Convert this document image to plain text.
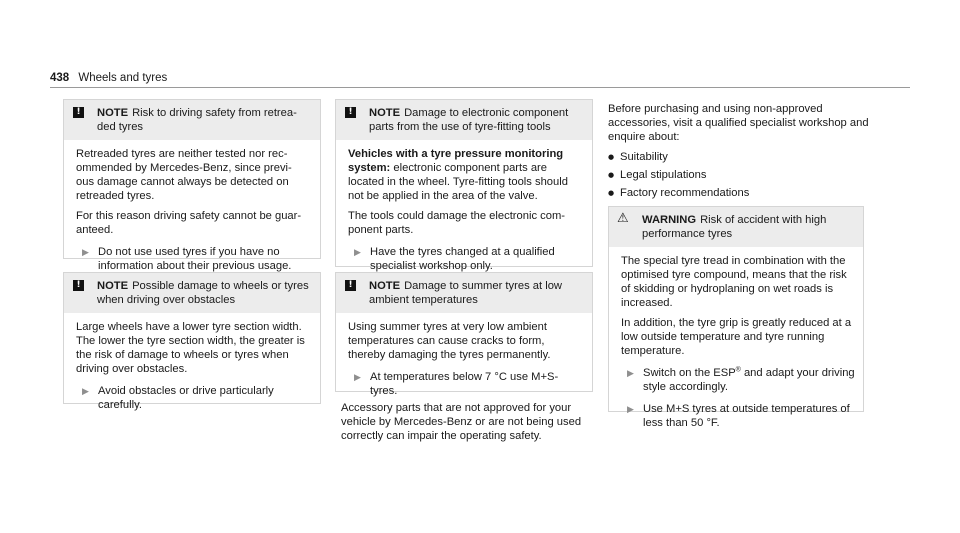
438 Wheels and tyres
!	NOTE Risk to driving safety from retrea- ded tyres

Retreaded tyres are neither tested nor rec- ommended by Mercedes-Benz, since previ- ous damage cannot always be detected on retreaded tyres.

For this reason driving safety cannot be guar- anteed.

▶ Do not use used tyres if you have no information about their previous usage.
!	NOTE Possible damage to wheels or tyres when driving over obstacles

Large wheels have a lower tyre section width. The lower the tyre section width, the greater is the risk of damage to wheels or tyres when driving over obstacles.

▶ Avoid obstacles or drive particularly carefully.
!	NOTE Damage to electronic component parts from the use of tyre-fitting tools

Vehicles with a tyre pressure monitoring system: electronic component parts are located in the wheel. Tyre-fitting tools should not be applied in the area of the valve.

The tools could damage the electronic com- ponent parts.

▶ Have the tyres changed at a qualified specialist workshop only.
!	NOTE Damage to summer tyres at low ambient temperatures

Using summer tyres at very low ambient temperatures can cause cracks to form, thereby damaging the tyres permanently.

▶ At temperatures below 7 °C use M+S- tyres.

Accessory parts that are not approved for your vehicle by Mercedes-Benz or are not being used correctly can impair the operating safety.

Before purchasing and using non-approved accessories, visit a qualified specialist workshop and enquire about:

● Suitability
● Legal stipulations
● Factory recommendations
⚠ WARNING Risk of accident with high performance tyres

The special tyre tread in combination with the optimised tyre compound, means that the risk of skidding or hydroplaning on wet roads is increased.

In addition, the tyre grip is greatly reduced at a low outside temperature and tyre running temperature.

▶ Switch on the ESP® and adapt your driving style accordingly.
▶ Use M+S tyres at outside temperatures of less than 50 °F.
